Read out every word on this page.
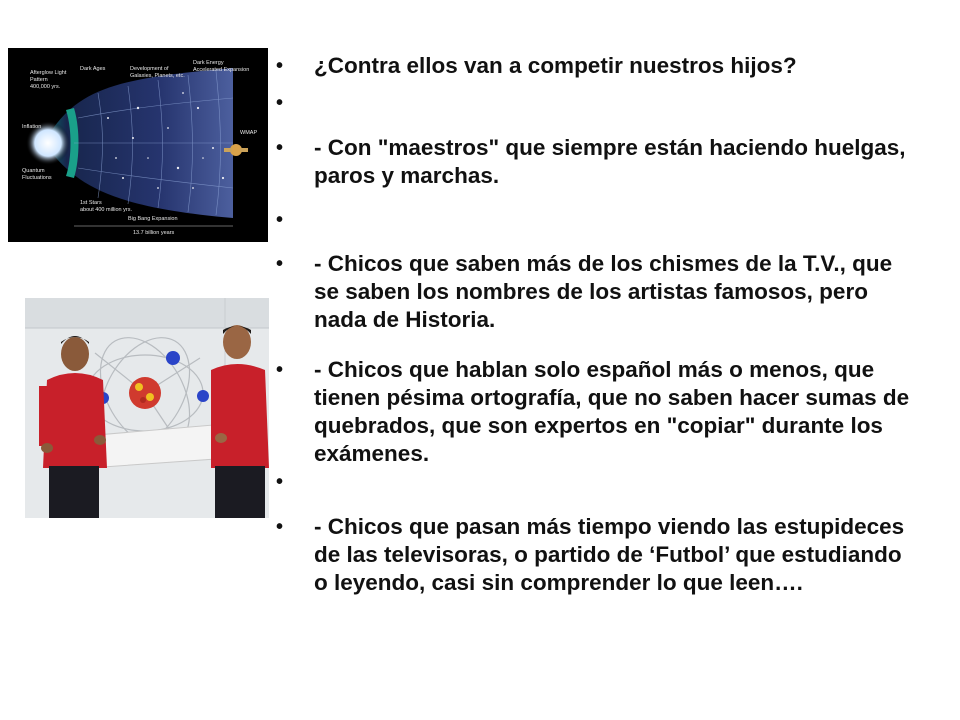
Afterglow Light
Pattern
400,000 yrs.
Dark Ages	Development of
Galaxies, Planets, etc.
Dark Energy
Accelerated Expansion
Inflation
Quantum
Fluctuations
WMAP
1st Stars
about 400 million yrs.
Big Bang Expansion
13.7 billion years
• ¿Contra ellos van a competir nuestros hijos?
•
• - Con "maestros" que siempre están haciendo huelgas, paros y marchas.
•
• - Chicos que saben más de los chismes de la T.V., que se saben los nombres de los artistas famosos, pero nada de Historia.
• - Chicos que hablan solo español más o menos, que tienen pésima ortografía, que no saben hacer sumas de quebrados, que son expertos en "copiar" durante los exámenes.
•
• - Chicos que pasan más tiempo viendo las estupideces de las televisoras, o partido de ‘Futbol’ que estudiando o leyendo, casi sin comprender lo que leen….
